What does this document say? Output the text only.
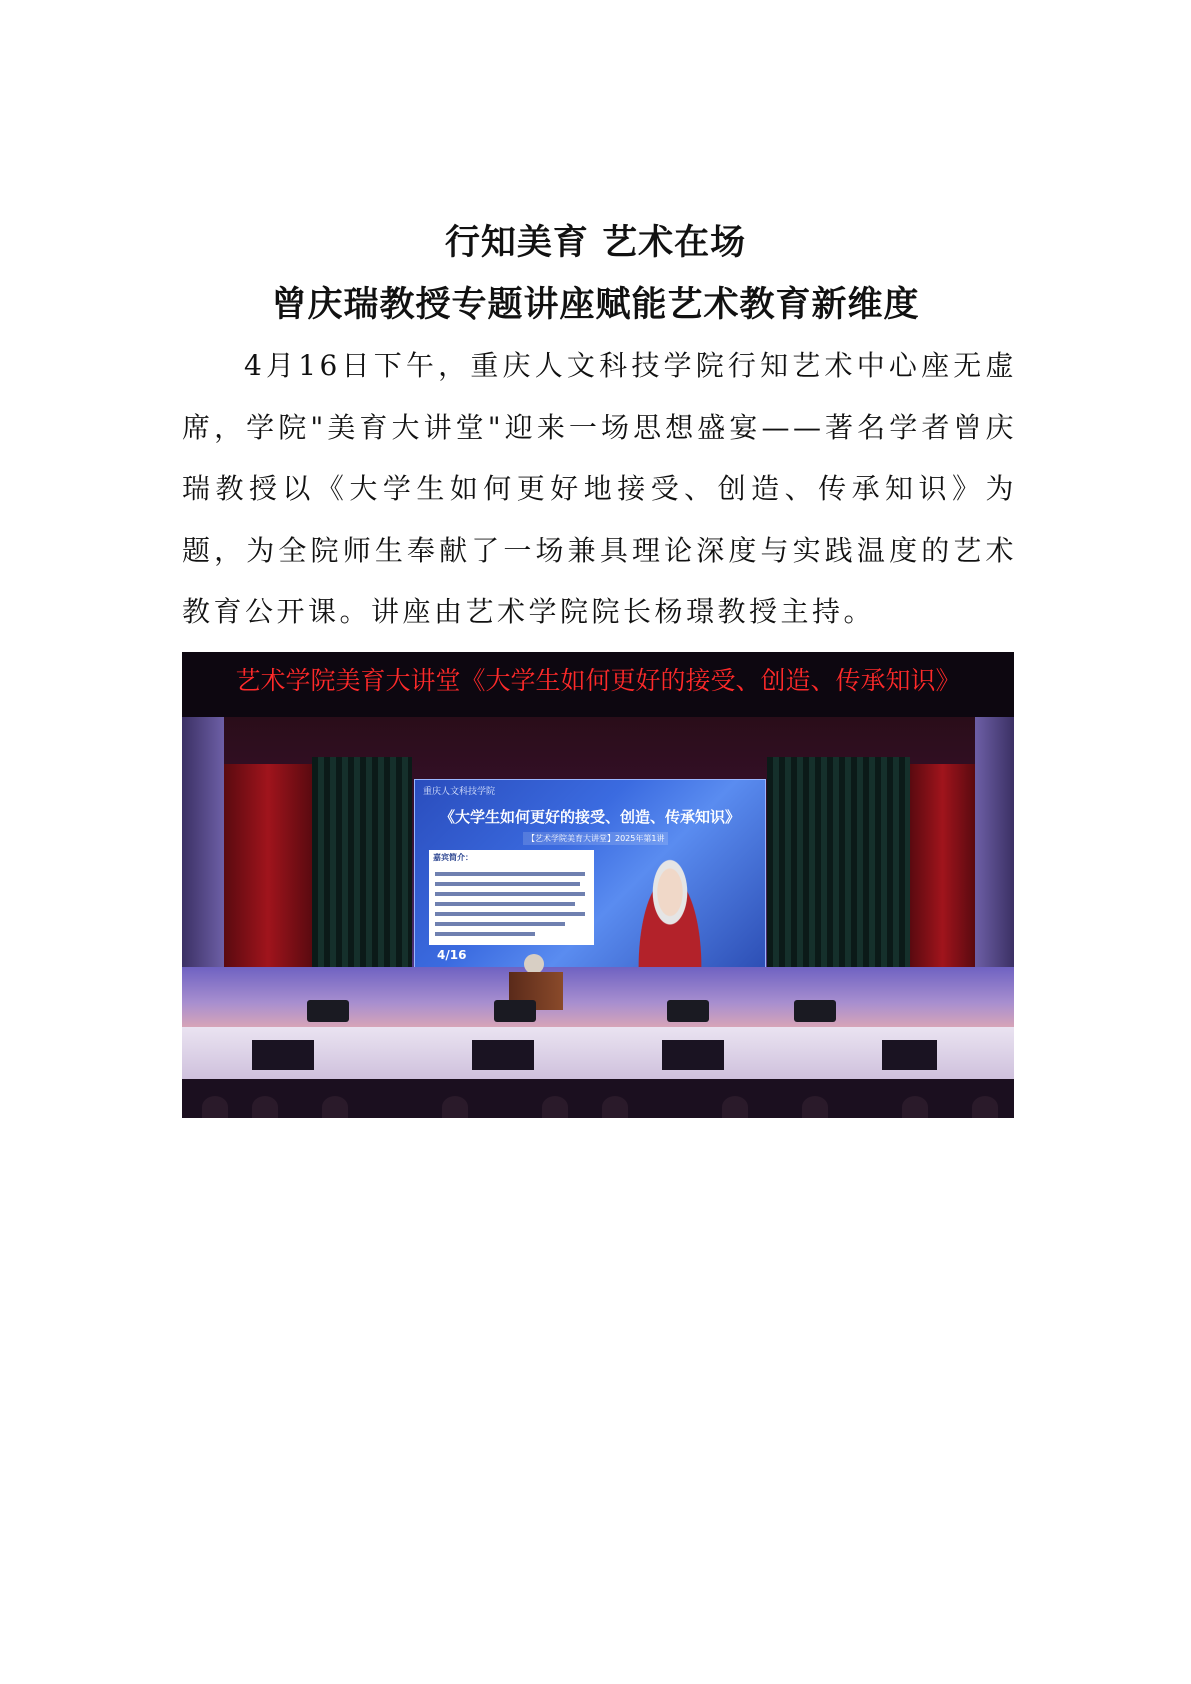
行知美育 艺术在场
曾庆瑞教授专题讲座赋能艺术教育新维度

4月16日下午，重庆人文科技学院行知艺术中心座无虚席，学院"美育大讲堂"迎来一场思想盛宴——著名学者曾庆瑞教授以《大学生如何更好地接受、创造、传承知识》为题，为全院师生奉献了一场兼具理论深度与实践温度的艺术教育公开课。讲座由艺术学院院长杨璟教授主持。

艺术学院美育大讲堂《大学生如何更好的接受、创造、传承知识》
重庆人文科技学院
《大学生如何更好的接受、创造、传承知识》
【艺术学院美育大讲堂】2025年第1讲
嘉宾简介：
4/16
